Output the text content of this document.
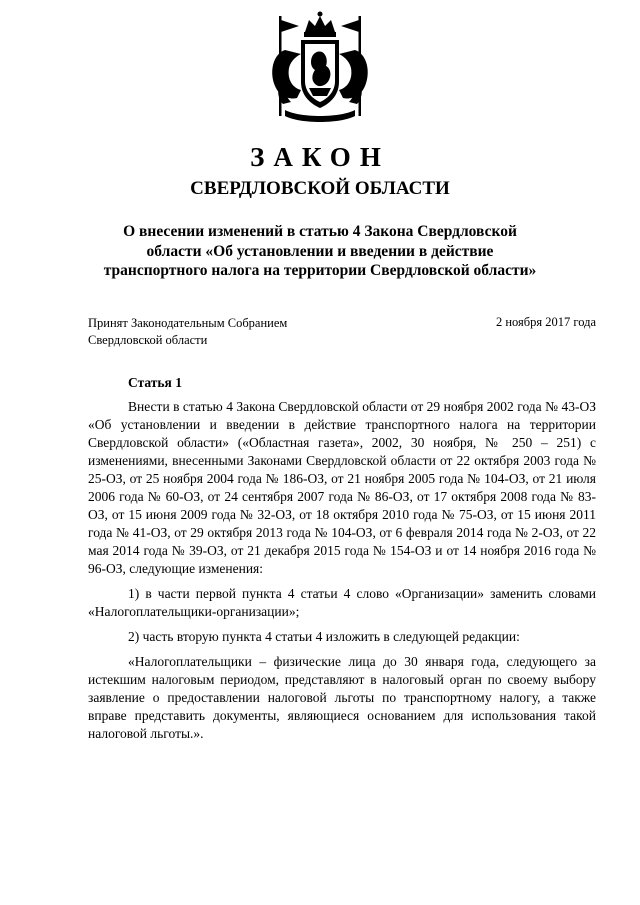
ЗАКОН
СВЕРДЛОВСКОЙ ОБЛАСТИ
О внесении изменений в статью 4 Закона Свердловской области «Об установлении и введении в действие транспортного налога на территории Свердловской области»
Принят Законодательным Собранием
Свердловской области
2 ноября 2017 года
Статья 1

Внести в статью 4 Закона Свердловской области от 29 ноября 2002 года № 43-ОЗ «Об установлении и введении в действие транспортного налога на территории Свердловской области» («Областная газета», 2002, 30 ноября, № 250 – 251) с изменениями, внесенными Законами Свердловской области от 22 октября 2003 года № 25-ОЗ, от 25 ноября 2004 года № 186-ОЗ, от 21 ноября 2005 года № 104-ОЗ, от 21 июля 2006 года № 60-ОЗ, от 24 сентября 2007 года № 86-ОЗ, от 17 октября 2008 года № 83-ОЗ, от 15 июня 2009 года № 32-ОЗ, от 18 октября 2010 года № 75-ОЗ, от 15 июня 2011 года № 41-ОЗ, от 29 октября 2013 года № 104-ОЗ, от 6 февраля 2014 года № 2-ОЗ, от 22 мая 2014 года № 39-ОЗ, от 21 декабря 2015 года № 154-ОЗ и от 14 ноября 2016 года № 96-ОЗ, следующие изменения:

1) в части первой пункта 4 статьи 4 слово «Организации» заменить словами «Налогоплательщики-организации»;

2) часть вторую пункта 4 статьи 4 изложить в следующей редакции:

«Налогоплательщики – физические лица до 30 января года, следующего за истекшим налоговым периодом, представляют в налоговый орган по своему выбору заявление о предоставлении налоговой льготы по транспортному налогу, а также вправе представить документы, являющиеся основанием для использования такой налоговой льготы.».
